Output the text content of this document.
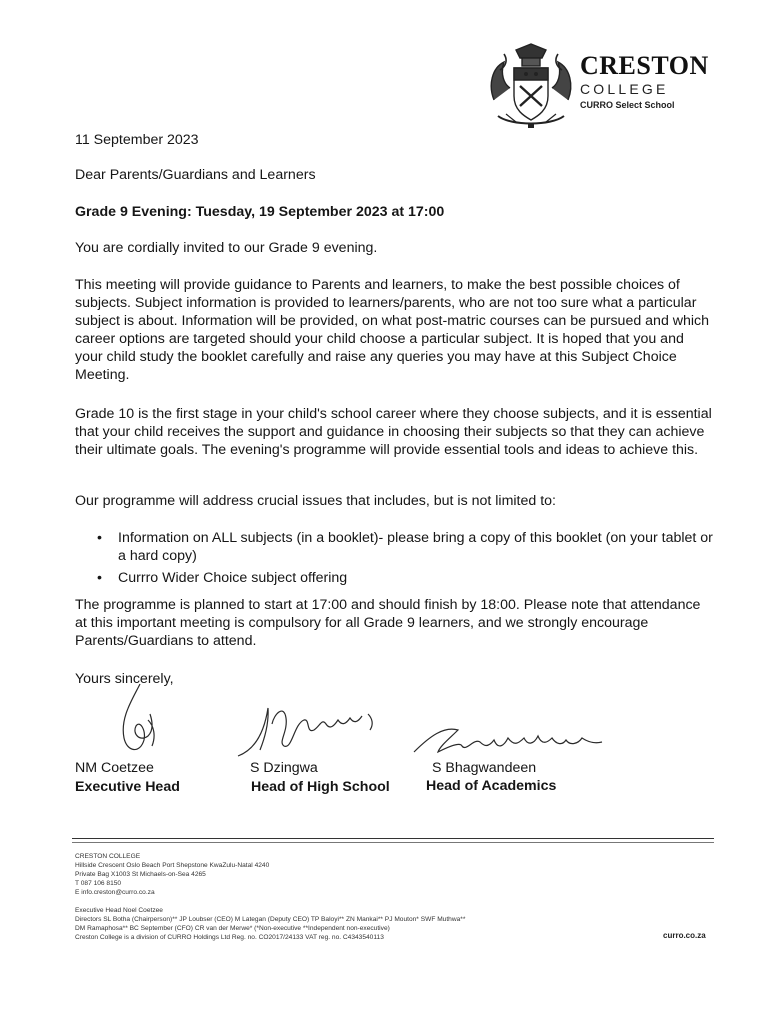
CRESTON
COLLEGE
CURRO Select School
11 September 2023
Dear Parents/Guardians and Learners
Grade 9 Evening: Tuesday, 19 September 2023 at 17:00
You are cordially invited to our Grade 9 evening.
This meeting will provide guidance to Parents and learners, to make the best possible choices of subjects. Subject information is provided to learners/parents, who are not too sure what a particular subject is about. Information will be provided, on what post-matric courses can be pursued and which career options are targeted should your child choose a particular subject. It is hoped that you and your child study the booklet carefully and raise any queries you may have at this Subject Choice Meeting.
Grade 10 is the first stage in your child's school career where they choose subjects, and it is essential that your child receives the support and guidance in choosing their subjects so that they can achieve their ultimate goals. The evening's programme will provide essential tools and ideas to achieve this.
Our programme will address crucial issues that includes, but is not limited to:
• Information on ALL subjects (in a booklet)- please bring a copy of this booklet (on your tablet or a hard copy)
• Currro Wider Choice subject offering
The programme is planned to start at 17:00 and should finish by 18:00. Please note that attendance at this important meeting is compulsory for all Grade 9 learners, and we strongly encourage Parents/Guardians to attend.
Yours sincerely,
NM Coetzee
Executive Head
S Dzingwa
Head of High School
S Bhagwandeen
Head of Academics
CRESTON COLLEGE
Hillside Crescent Oslo Beach Port Shepstone KwaZulu-Natal 4240
Private Bag X1003 St Michaels-on-Sea 4265
T 087 106 8150
E info.creston@curro.co.za
Executive Head Noel Coetzee
Directors SL Botha (Chairperson)** JP Loubser (CEO) M Lategan (Deputy CEO) TP Baloyi** ZN Mankai** PJ Mouton* SWF Muthwa**
DM Ramaphosa** BC September (CFO) CR van der Merwe* (*Non-executive **Independent non-executive)
Creston College is a division of CURRO Holdings Ltd Reg. no. CO2017/24133 VAT reg. no. C4343540113	curro.co.za
